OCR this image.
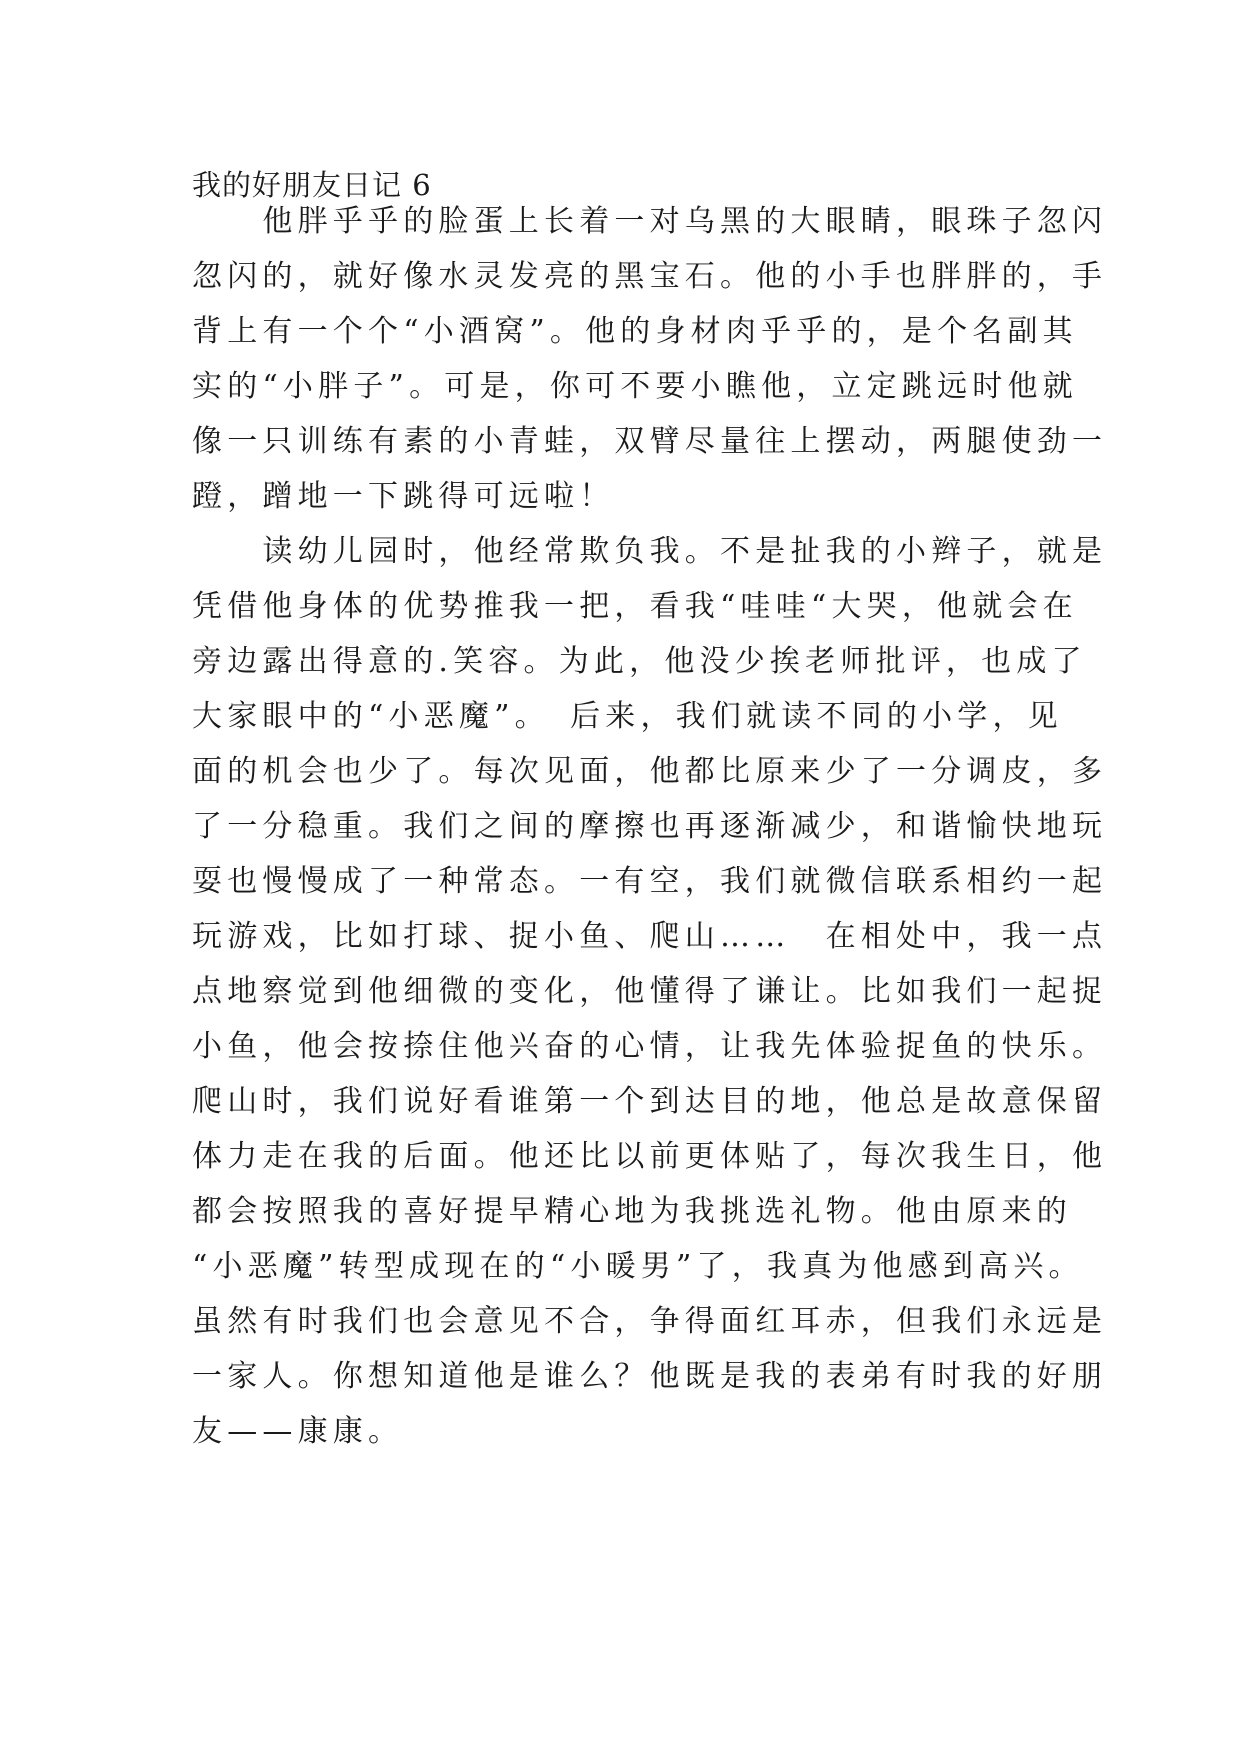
我的好朋友日记 6
　　他胖乎乎的脸蛋上长着一对乌黑的大眼睛，眼珠子忽闪
忽闪的，就好像水灵发亮的黑宝石。他的小手也胖胖的，手
背上有一个个“小酒窝”。他的身材肉乎乎的，是个名副其
实的“小胖子”。可是，你可不要小瞧他，立定跳远时他就
像一只训练有素的小青蛙，双臂尽量往上摆动，两腿使劲一
蹬，蹭地一下跳得可远啦！
　　读幼儿园时，他经常欺负我。不是扯我的小辫子，就是
凭借他身体的优势推我一把，看我“哇哇“大哭，他就会在
旁边露出得意的.笑容。为此，他没少挨老师批评，也成了
大家眼中的“小恶魔”。　后来，我们就读不同的小学，见
面的机会也少了。每次见面，他都比原来少了一分调皮，多
了一分稳重。我们之间的摩擦也再逐渐减少，和谐愉快地玩
耍也慢慢成了一种常态。一有空，我们就微信联系相约一起
玩游戏，比如打球、捉小鱼、爬山……　在相处中，我一点
点地察觉到他细微的变化，他懂得了谦让。比如我们一起捉
小鱼，他会按捺住他兴奋的心情，让我先体验捉鱼的快乐。
爬山时，我们说好看谁第一个到达目的地，他总是故意保留
体力走在我的后面。他还比以前更体贴了，每次我生日，他
都会按照我的喜好提早精心地为我挑选礼物。他由原来的
“小恶魔”转型成现在的“小暖男”了，我真为他感到高兴。
虽然有时我们也会意见不合，争得面红耳赤，但我们永远是
一家人。你想知道他是谁么？他既是我的表弟有时我的好朋
友——康康。
